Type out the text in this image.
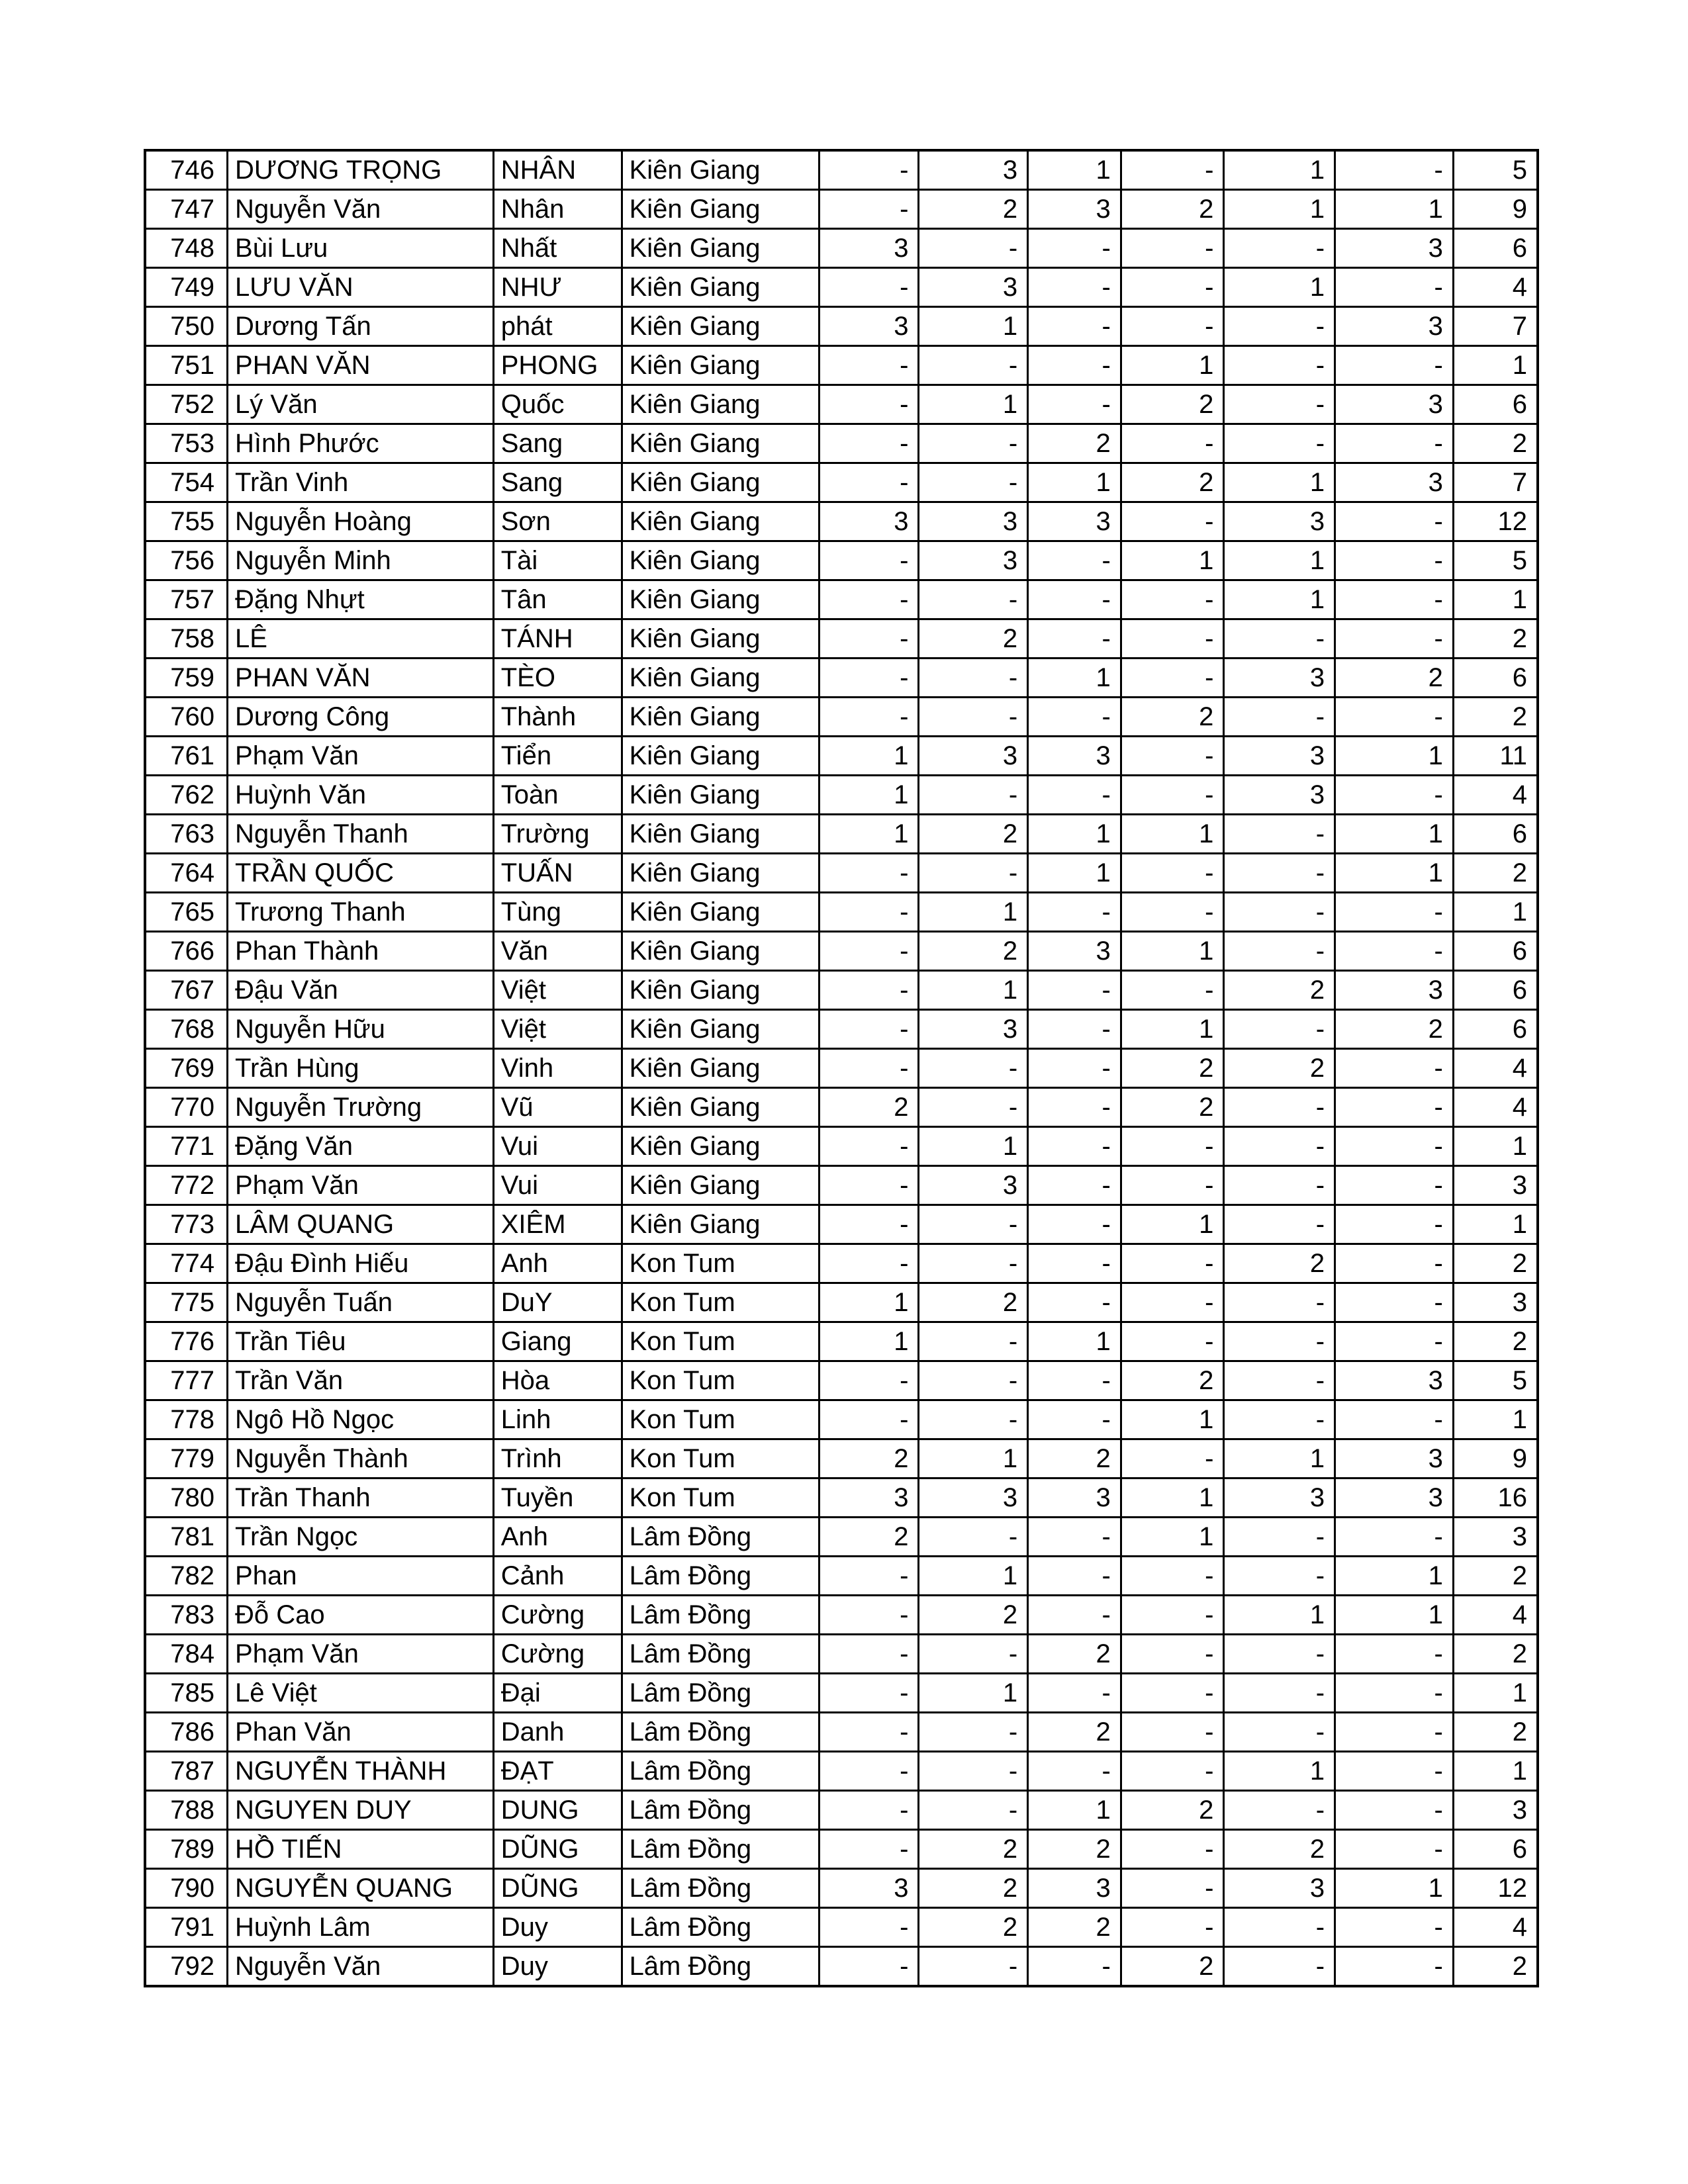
746	DƯƠNG TRỌNG	NHÂN	Kiên Giang	-	3	1	-	1	-	5
747	Nguyễn Văn	Nhân	Kiên Giang	-	2	3	2	1	1	9
748	Bùi Lưu	Nhất	Kiên Giang	3	-	-	-	-	3	6
749	LƯU VĂN	NHƯ	Kiên Giang	-	3	-	-	1	-	4
750	Dương Tấn	phát	Kiên Giang	3	1	-	-	-	3	7
751	PHAN VĂN	PHONG	Kiên Giang	-	-	-	1	-	-	1
752	Lý Văn	Quốc	Kiên Giang	-	1	-	2	-	3	6
753	Hình Phước	Sang	Kiên Giang	-	-	2	-	-	-	2
754	Trần Vinh	Sang	Kiên Giang	-	-	1	2	1	3	7
755	Nguyễn Hoàng	Sơn	Kiên Giang	3	3	3	-	3	-	12
756	Nguyễn Minh	Tài	Kiên Giang	-	3	-	1	1	-	5
757	Đặng Nhựt	Tân	Kiên Giang	-	-	-	-	1	-	1
758	LÊ	TÁNH	Kiên Giang	-	2	-	-	-	-	2
759	PHAN VĂN	TÈO	Kiên Giang	-	-	1	-	3	2	6
760	Dương Công	Thành	Kiên Giang	-	-	-	2	-	-	2
761	Phạm Văn	Tiển	Kiên Giang	1	3	3	-	3	1	11
762	Huỳnh Văn	Toàn	Kiên Giang	1	-	-	-	3	-	4
763	Nguyễn Thanh	Trường	Kiên Giang	1	2	1	1	-	1	6
764	TRẦN QUỐC	TUẤN	Kiên Giang	-	-	1	-	-	1	2
765	Trương Thanh	Tùng	Kiên Giang	-	1	-	-	-	-	1
766	Phan Thành	Văn	Kiên Giang	-	2	3	1	-	-	6
767	Đậu Văn	Việt	Kiên Giang	-	1	-	-	2	3	6
768	Nguyễn Hữu	Việt	Kiên Giang	-	3	-	1	-	2	6
769	Trần Hùng	Vinh	Kiên Giang	-	-	-	2	2	-	4
770	Nguyễn Trường	Vũ	Kiên Giang	2	-	-	2	-	-	4
771	Đặng Văn	Vui	Kiên Giang	-	1	-	-	-	-	1
772	Phạm Văn	Vui	Kiên Giang	-	3	-	-	-	-	3
773	LÂM QUANG	XIÊM	Kiên Giang	-	-	-	1	-	-	1
774	Đậu Đình Hiếu	Anh	Kon Tum	-	-	-	-	2	-	2
775	Nguyễn Tuấn	DuY	Kon Tum	1	2	-	-	-	-	3
776	Trần Tiêu	Giang	Kon Tum	1	-	1	-	-	-	2
777	Trần Văn	Hòa	Kon Tum	-	-	-	2	-	3	5
778	Ngô Hồ Ngọc	Linh	Kon Tum	-	-	-	1	-	-	1
779	Nguyễn Thành	Trình	Kon Tum	2	1	2	-	1	3	9
780	Trần Thanh	Tuyền	Kon Tum	3	3	3	1	3	3	16
781	Trần Ngọc	Anh	Lâm Đồng	2	-	-	1	-	-	3
782	Phan	Cảnh	Lâm Đồng	-	1	-	-	-	1	2
783	Đỗ Cao	Cường	Lâm Đồng	-	2	-	-	1	1	4
784	Phạm Văn	Cường	Lâm Đồng	-	-	2	-	-	-	2
785	Lê Việt	Đại	Lâm Đồng	-	1	-	-	-	-	1
786	Phan Văn	Danh	Lâm Đồng	-	-	2	-	-	-	2
787	NGUYỄN THÀNH	ĐẠT	Lâm Đồng	-	-	-	-	1	-	1
788	NGUYEN DUY	DUNG	Lâm Đồng	-	-	1	2	-	-	3
789	HỒ TIẾN	DŨNG	Lâm Đồng	-	2	2	-	2	-	6
790	NGUYỄN QUANG	DŨNG	Lâm Đồng	3	2	3	-	3	1	12
791	Huỳnh Lâm	Duy	Lâm Đồng	-	2	2	-	-	-	4
792	Nguyễn Văn	Duy	Lâm Đồng	-	-	-	2	-	-	2
